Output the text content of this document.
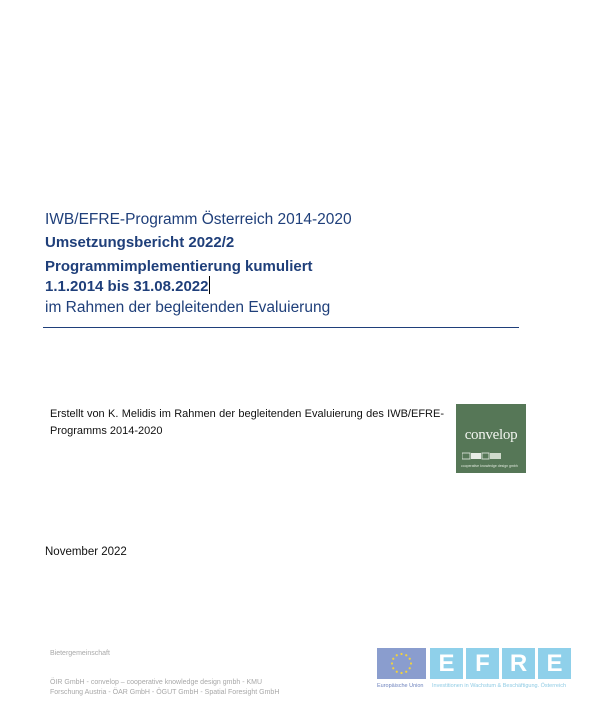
IWB/EFRE-Programm Österreich 2014-2020
Umsetzungsbericht 2022/2
Programmimplementierung kumuliert
1.1.2014 bis 31.08.2022
im Rahmen der begleitenden Evaluierung
Erstellt von K. Melidis im Rahmen der begleitenden Evaluierung des IWB/EFRE-Programms 2014-2020	convelop
cooperative knowledge design gmbh
November 2022
Bietergemeinschaft
ÖIR GmbH - convelop – cooperative knowledge design gmbh - KMU
Forschung Austria - ÖAR GmbH - ÖGUT GmbH - Spatial Foresight GmbH
E F R E
Europäische Union Investitionen in Wachstum & Beschäftigung. Österreich
